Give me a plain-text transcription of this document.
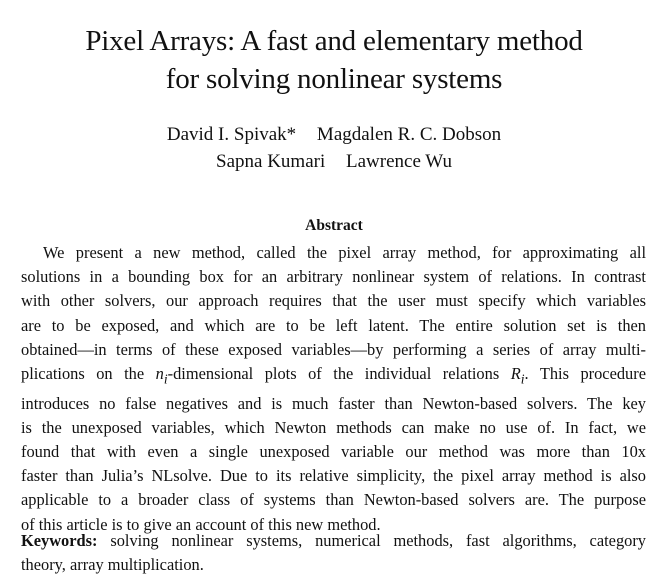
Pixel Arrays: A fast and elementary method
for solving nonlinear systems
David I. Spivak* Magdalen R. C. Dobson
Sapna Kumari Lawrence Wu
Abstract
We present a new method, called the pixel array method, for approximating all
solutions in a bounding box for an arbitrary nonlinear system of relations. In contrast
with other solvers, our approach requires that the user must specify which variables
are to be exposed, and which are to be left latent. The entire solution set is then
obtained—in terms of these exposed variables—by performing a series of array multi-
plications on the $n_i$-dimensional plots of the individual relations $R_i$. This procedure
introduces no false negatives and is much faster than Newton-based solvers. The key
is the unexposed variables, which Newton methods can make no use of. In fact, we
found that with even a single unexposed variable our method was more than 10x
faster than Julia’s NLsolve. Due to its relative simplicity, the pixel array method is also
applicable to a broader class of systems than Newton-based solvers are. The purpose
of this article is to give an account of this new method.
Keywords: solving nonlinear systems, numerical methods, fast algorithms, category
theory, array multiplication.
